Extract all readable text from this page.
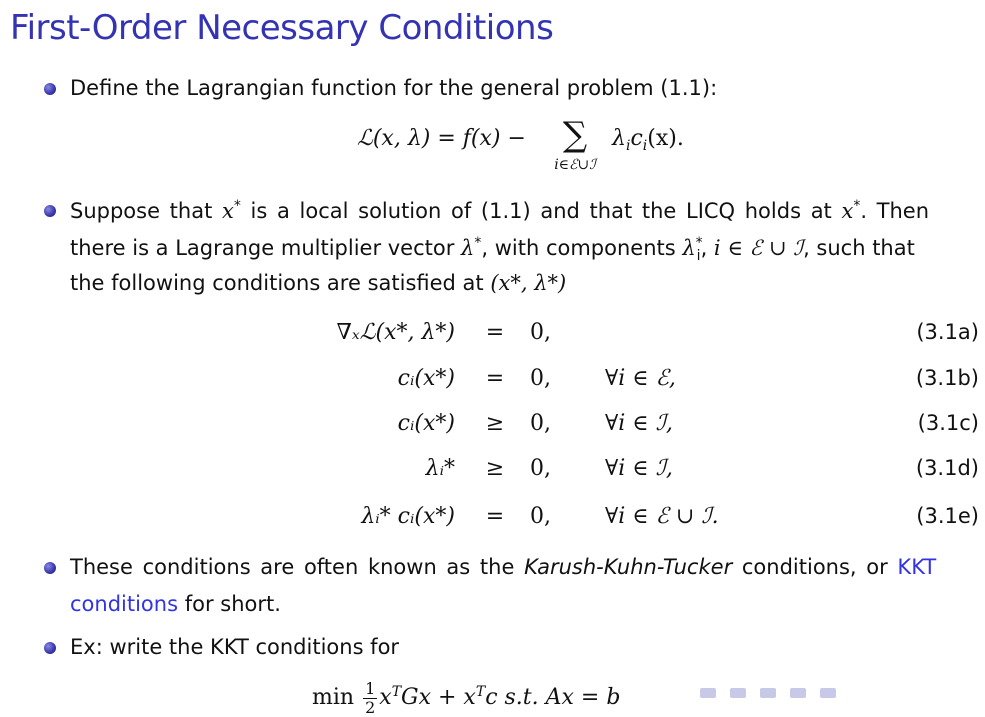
First-Order Necessary Conditions
Define the Lagrangian function for the general problem (1.1):
ℒ(x, λ) = f(x) −	∑
i∈ℰ∪ℐ
$\lambda_ic_i(x)$.
Suppose that x* is a local solution of (1.1) and that the LICQ holds at x*. Then
there is a Lagrange multiplier vector λ*, with components $\lambda^*_i$, i ∈ ℰ ∪ ℐ, such that
the following conditions are satisfied at (x*, λ*)
∇ₓℒ(x*, λ*) = 0,	(3.1a)
cᵢ(x*) = 0, ∀i ∈ ℰ,	(3.1b)
cᵢ(x*) ≥ 0, ∀i ∈ ℐ,	(3.1c)
λᵢ* ≥ 0, ∀i ∈ ℐ,	(3.1d)
λᵢ* cᵢ(x*) = 0, ∀i ∈ ℰ ∪ ℐ.	(3.1e)
These conditions are often known as the Karush-Kuhn-Tucker conditions, or KKT
conditions for short.
Ex: write the KKT conditions for
$\min \frac{1}{2}x^TGx + x^Tc$ s.t. Ax = b
